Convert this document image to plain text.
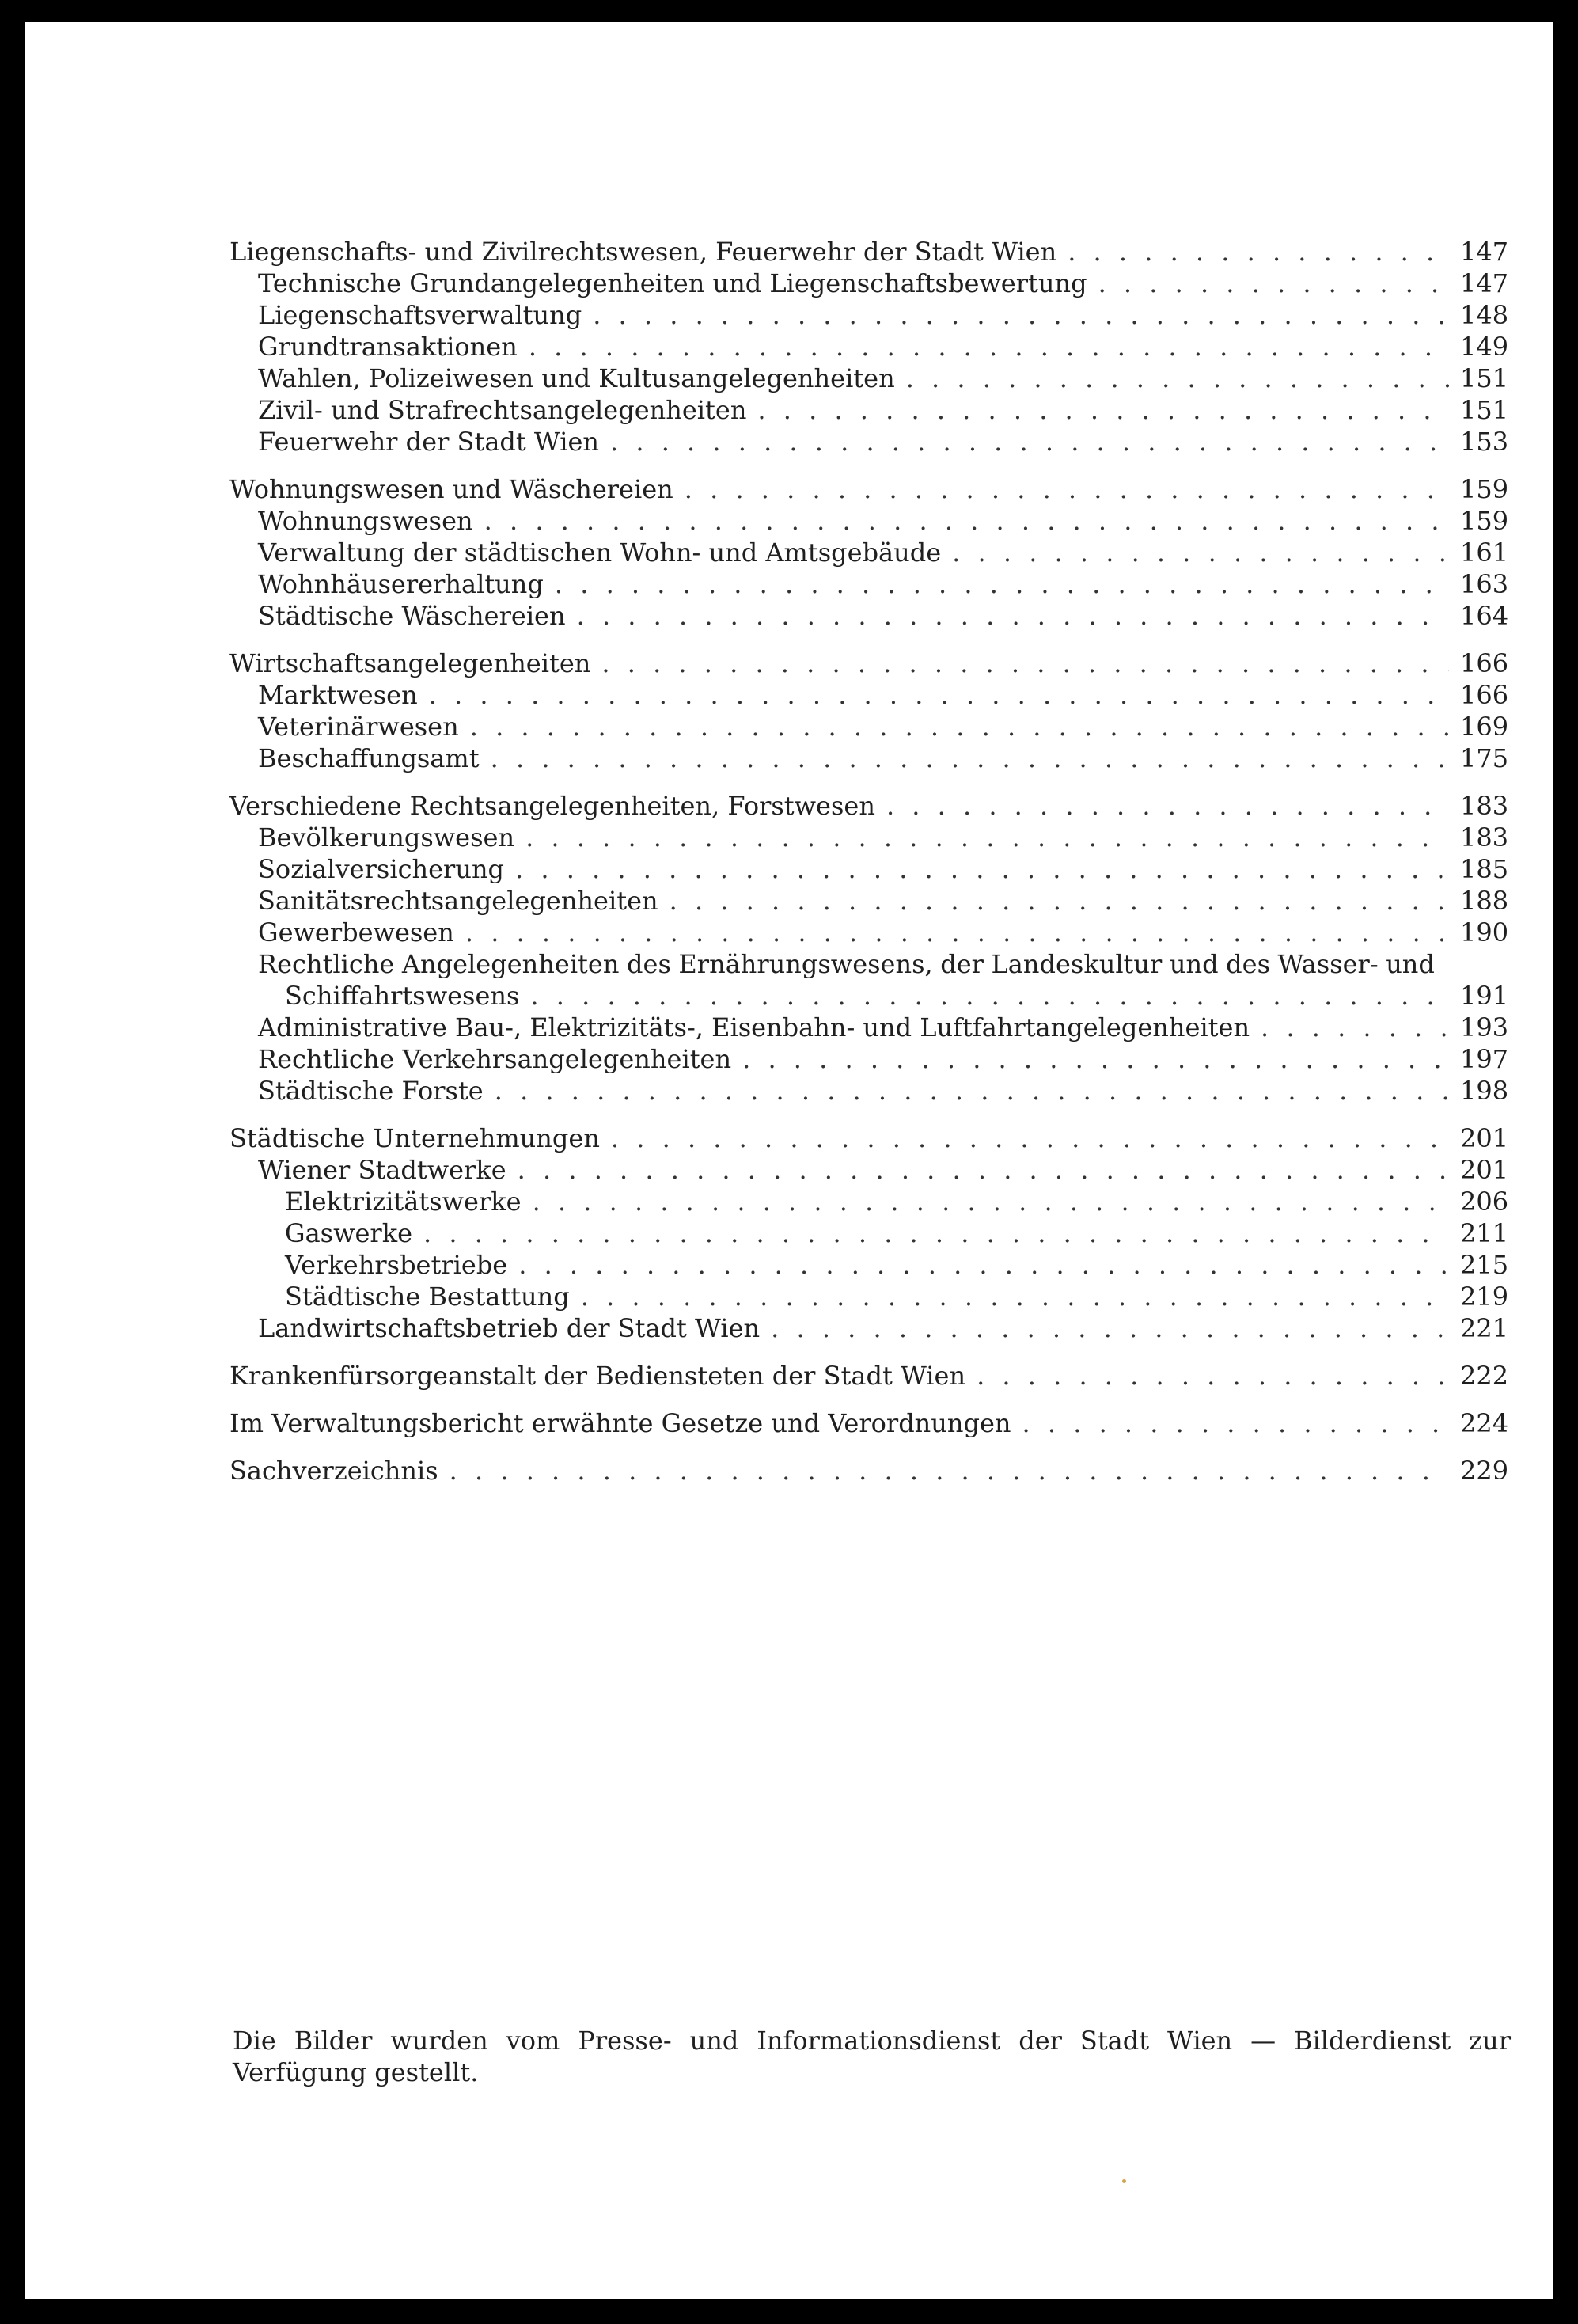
Liegenschafts- und Zivilrechtswesen, Feuerwehr der Stadt Wien . . .	147
Technische Grundangelegenheiten und Liegenschaftsbewertung . . .	147
Liegenschaftsverwaltung . . .	148
Grundtransaktionen . . .	149
Wahlen, Polizeiwesen und Kultusangelegenheiten . . .	151
Zivil- und Strafrechtsangelegenheiten . . .	151
Feuerwehr der Stadt Wien . . .	153
Wohnungswesen und Wäschereien . . .	159
Wohnungswesen . . .	159
Verwaltung der städtischen Wohn- und Amtsgebäude . . .	161
Wohnhäusererhaltung . . .	163
Städtische Wäschereien . . .	164
Wirtschaftsangelegenheiten . . .	166
Marktwesen . . .	166
Veterinärwesen . . .	169
Beschaffungsamt . . .	175
Verschiedene Rechtsangelegenheiten, Forstwesen . . .	183
Bevölkerungswesen . . .	183
Sozialversicherung . . .	185
Sanitätsrechtsangelegenheiten . . .	188
Gewerbewesen . . .	190
Rechtliche Angelegenheiten des Ernährungswesens, der Landeskultur und des Wasser- und
Schiffahrtswesens . . .	191
Administrative Bau-, Elektrizitäts-, Eisenbahn- und Luftfahrtangelegenheiten . . .	193
Rechtliche Verkehrsangelegenheiten . . .	197
Städtische Forste . . .	198
Städtische Unternehmungen . . .	201
Wiener Stadtwerke . . .	201
Elektrizitätswerke . . .	206
Gaswerke . . .	211
Verkehrsbetriebe . . .	215
Städtische Bestattung . . .	219
Landwirtschaftsbetrieb der Stadt Wien . . .	221
Krankenfürsorgeanstalt der Bediensteten der Stadt Wien . . .	222
Im Verwaltungsbericht erwähnte Gesetze und Verordnungen . . .	224
Sachverzeichnis . . .	229
Die Bilder wurden vom Presse- und Informationsdienst der Stadt Wien — Bilderdienst zur Verfügung gestellt.
